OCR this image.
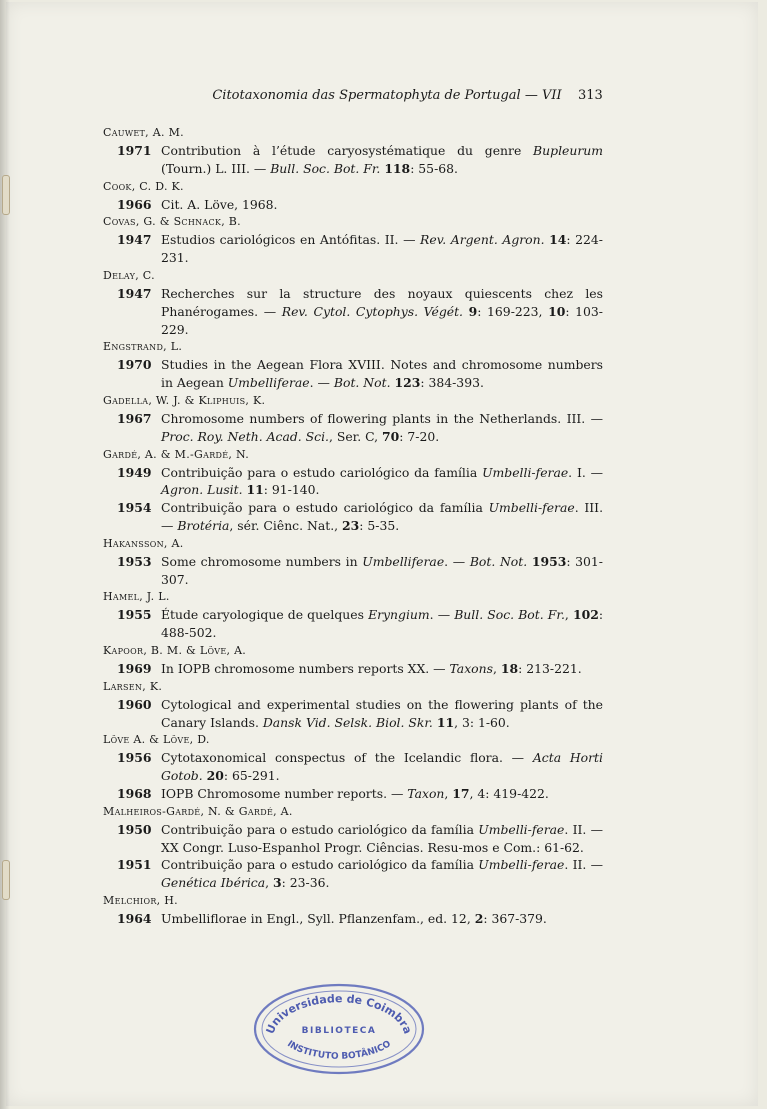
Citotaxonomia das Spermatophyta de Portugal — VII	313
Cauwet, A. M.
1971 Contribution à l’étude caryosystématique du genre Bupleurum (Tourn.) L. III. — Bull. Soc. Bot. Fr. 118: 55-68.
Cook, C. D. K.
1966 Cit. A. Löve, 1968.
Covas, G. & Schnack, B.
1947 Estudios cariológicos en Antófitas. II. — Rev. Argent. Agron. 14: 224-231.
Delay, C.
1947 Recherches sur la structure des noyaux quiescents chez les Phanérogames. — Rev. Cytol. Cytophys. Végét. 9: 169-223, 10: 103-229.
Engstrand, L.
1970 Studies in the Aegean Flora XVIII. Notes and chromosome numbers in Aegean Umbelliferae. — Bot. Not. 123: 384-393.
Gadella, W. J. & Kliphuis, K.
1967 Chromosome numbers of flowering plants in the Netherlands. III. — Proc. Roy. Neth. Acad. Sci., Ser. C, 70: 7-20.
Gardé, A. & M.-Gardé, N.
1949 Contribuição para o estudo cariológico da família Umbelli-ferae. I. — Agron. Lusit. 11: 91-140.
1954 Contribuição para o estudo cariológico da família Umbelli-ferae. III. — Brotéria, sér. Ciênc. Nat., 23: 5-35.
Hakansson, A.
1953 Some chromosome numbers in Umbelliferae. — Bot. Not. 1953: 301-307.
Hamel, J. L.
1955 Étude caryologique de quelques Eryngium. — Bull. Soc. Bot. Fr., 102: 488-502.
Kapoor, B. M. & Löve, A.
1969 In IOPB chromosome numbers reports XX. — Taxons, 18: 213-221.
Larsen, K.
1960 Cytological and experimental studies on the flowering plants of the Canary Islands. Dansk Vid. Selsk. Biol. Skr. 11, 3: 1-60.
Löve A. & Löve, D.
1956 Cytotaxonomical conspectus of the Icelandic flora. — Acta Horti Gotob. 20: 65-291.
1968 IOPB Chromosome number reports. — Taxon, 17, 4: 419-422.
Malheiros-Gardé, N. & Gardé, A.
1950 Contribuição para o estudo cariológico da família Umbelli-ferae. II. — XX Congr. Luso-Espanhol Progr. Ciências. Resu-mos e Com.: 61-62.
1951 Contribuição para o estudo cariológico da família Umbelli-ferae. II. — Genética Ibérica, 3: 23-36.
Melchior, H.
1964 Umbelliflorae in Engl., Syll. Pflanzenfam., ed. 12, 2: 367-379.
Universidade de Coimbra
BIBLIOTECA
INSTITUTO BOTÂNICO
